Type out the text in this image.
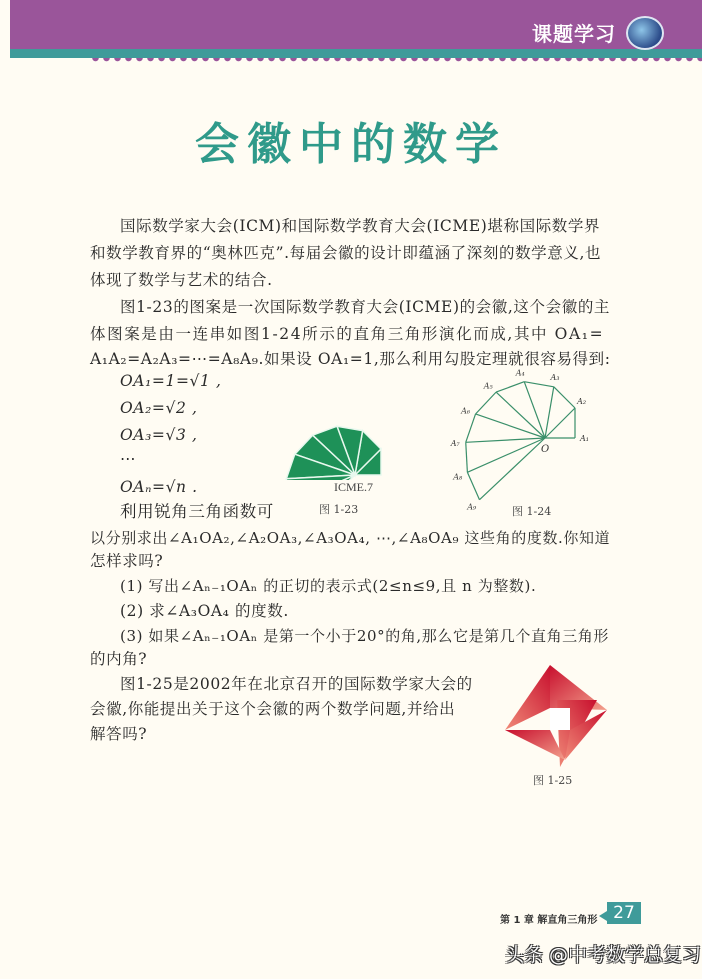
课题学习
会徽中的数学
国际数学家大会(ICM)和国际数学教育大会(ICME)堪称国际数学界
和数学教育界的“奥林匹克”.每届会徽的设计即蕴涵了深刻的数学意义,也
体现了数学与艺术的结合.
图1-23的图案是一次国际数学教育大会(ICME)的会徽,这个会徽的主
体图案是由一连串如图1-24所示的直角三角形演化而成,其中 OA₁=
A₁A₂=A₂A₃=⋯=A₈A₉.如果设 OA₁=1,那么利用勾股定理就很容易得到:
OA₁=1=√1 ,
OA₂=√2 ,
OA₃=√3 ,
⋯
OAₙ=√n .
利用锐角三角函数可
以分别求出∠A₁OA₂,∠A₂OA₃,∠A₃OA₄, ⋯,∠A₈OA₉ 这些角的度数.你知道
怎样求吗?
(1) 写出∠Aₙ₋₁OAₙ 的正切的表示式(2≤n≤9,且 n 为整数).
(2) 求∠A₃OA₄ 的度数.
(3) 如果∠Aₙ₋₁OAₙ 是第一个小于20°的角,那么它是第几个直角三角形
的内角?
图1-25是2002年在北京召开的国际数学家大会的
会徽,你能提出关于这个会徽的两个数学问题,并给出
解答吗?
ICME.7
图 1-23
O
A₁
A₂
A₃
A₄
A₅
A₆
A₇
A₈
A₉	图 1-24
图 1-25
第 1 章 解直角三角形 27
头条 @中考数学总复习
